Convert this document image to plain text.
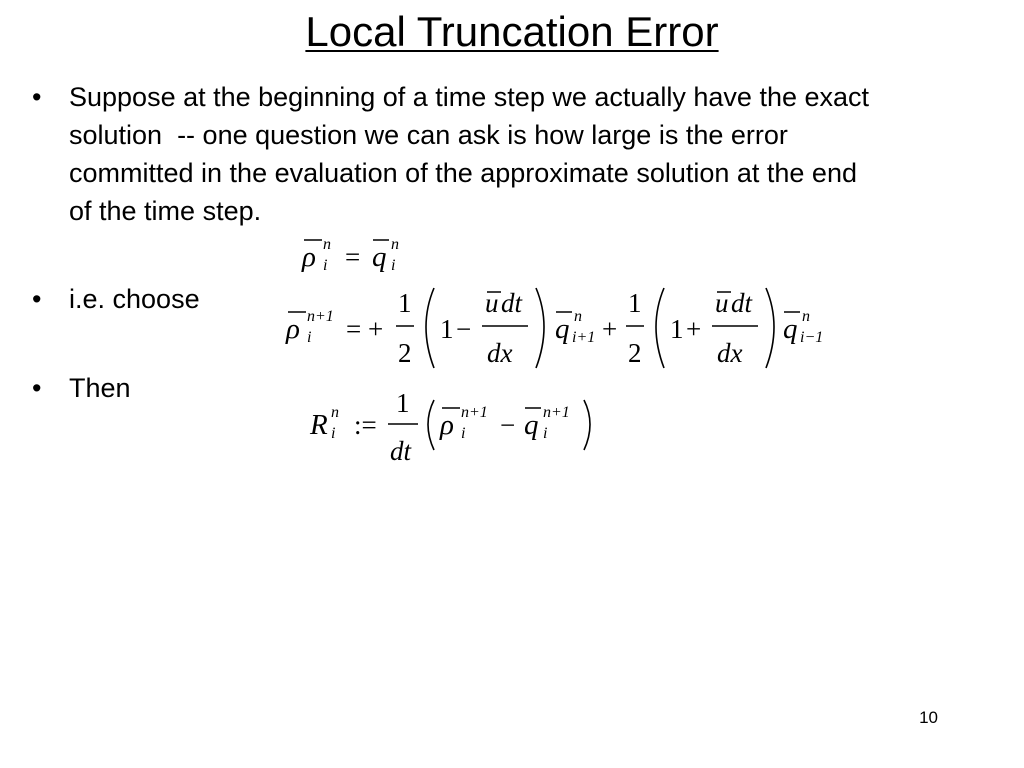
Local Truncation Error
• Suppose at the beginning of a time step we actually have the exact
solution  -- one question we can ask is how large is the error
committed in the evaluation of the approximate solution at the end
of the time step.
ρ n
i = q n
i
• i.e. choose
ρ n+1
i = +
1
2
1 −
u dt
dx
q n
i+1 +
1
2
1 +
u dt
dx
q n
i−1
• Then
R n
i :=
1
dt
ρ n+1
i − q n+1
i
10
